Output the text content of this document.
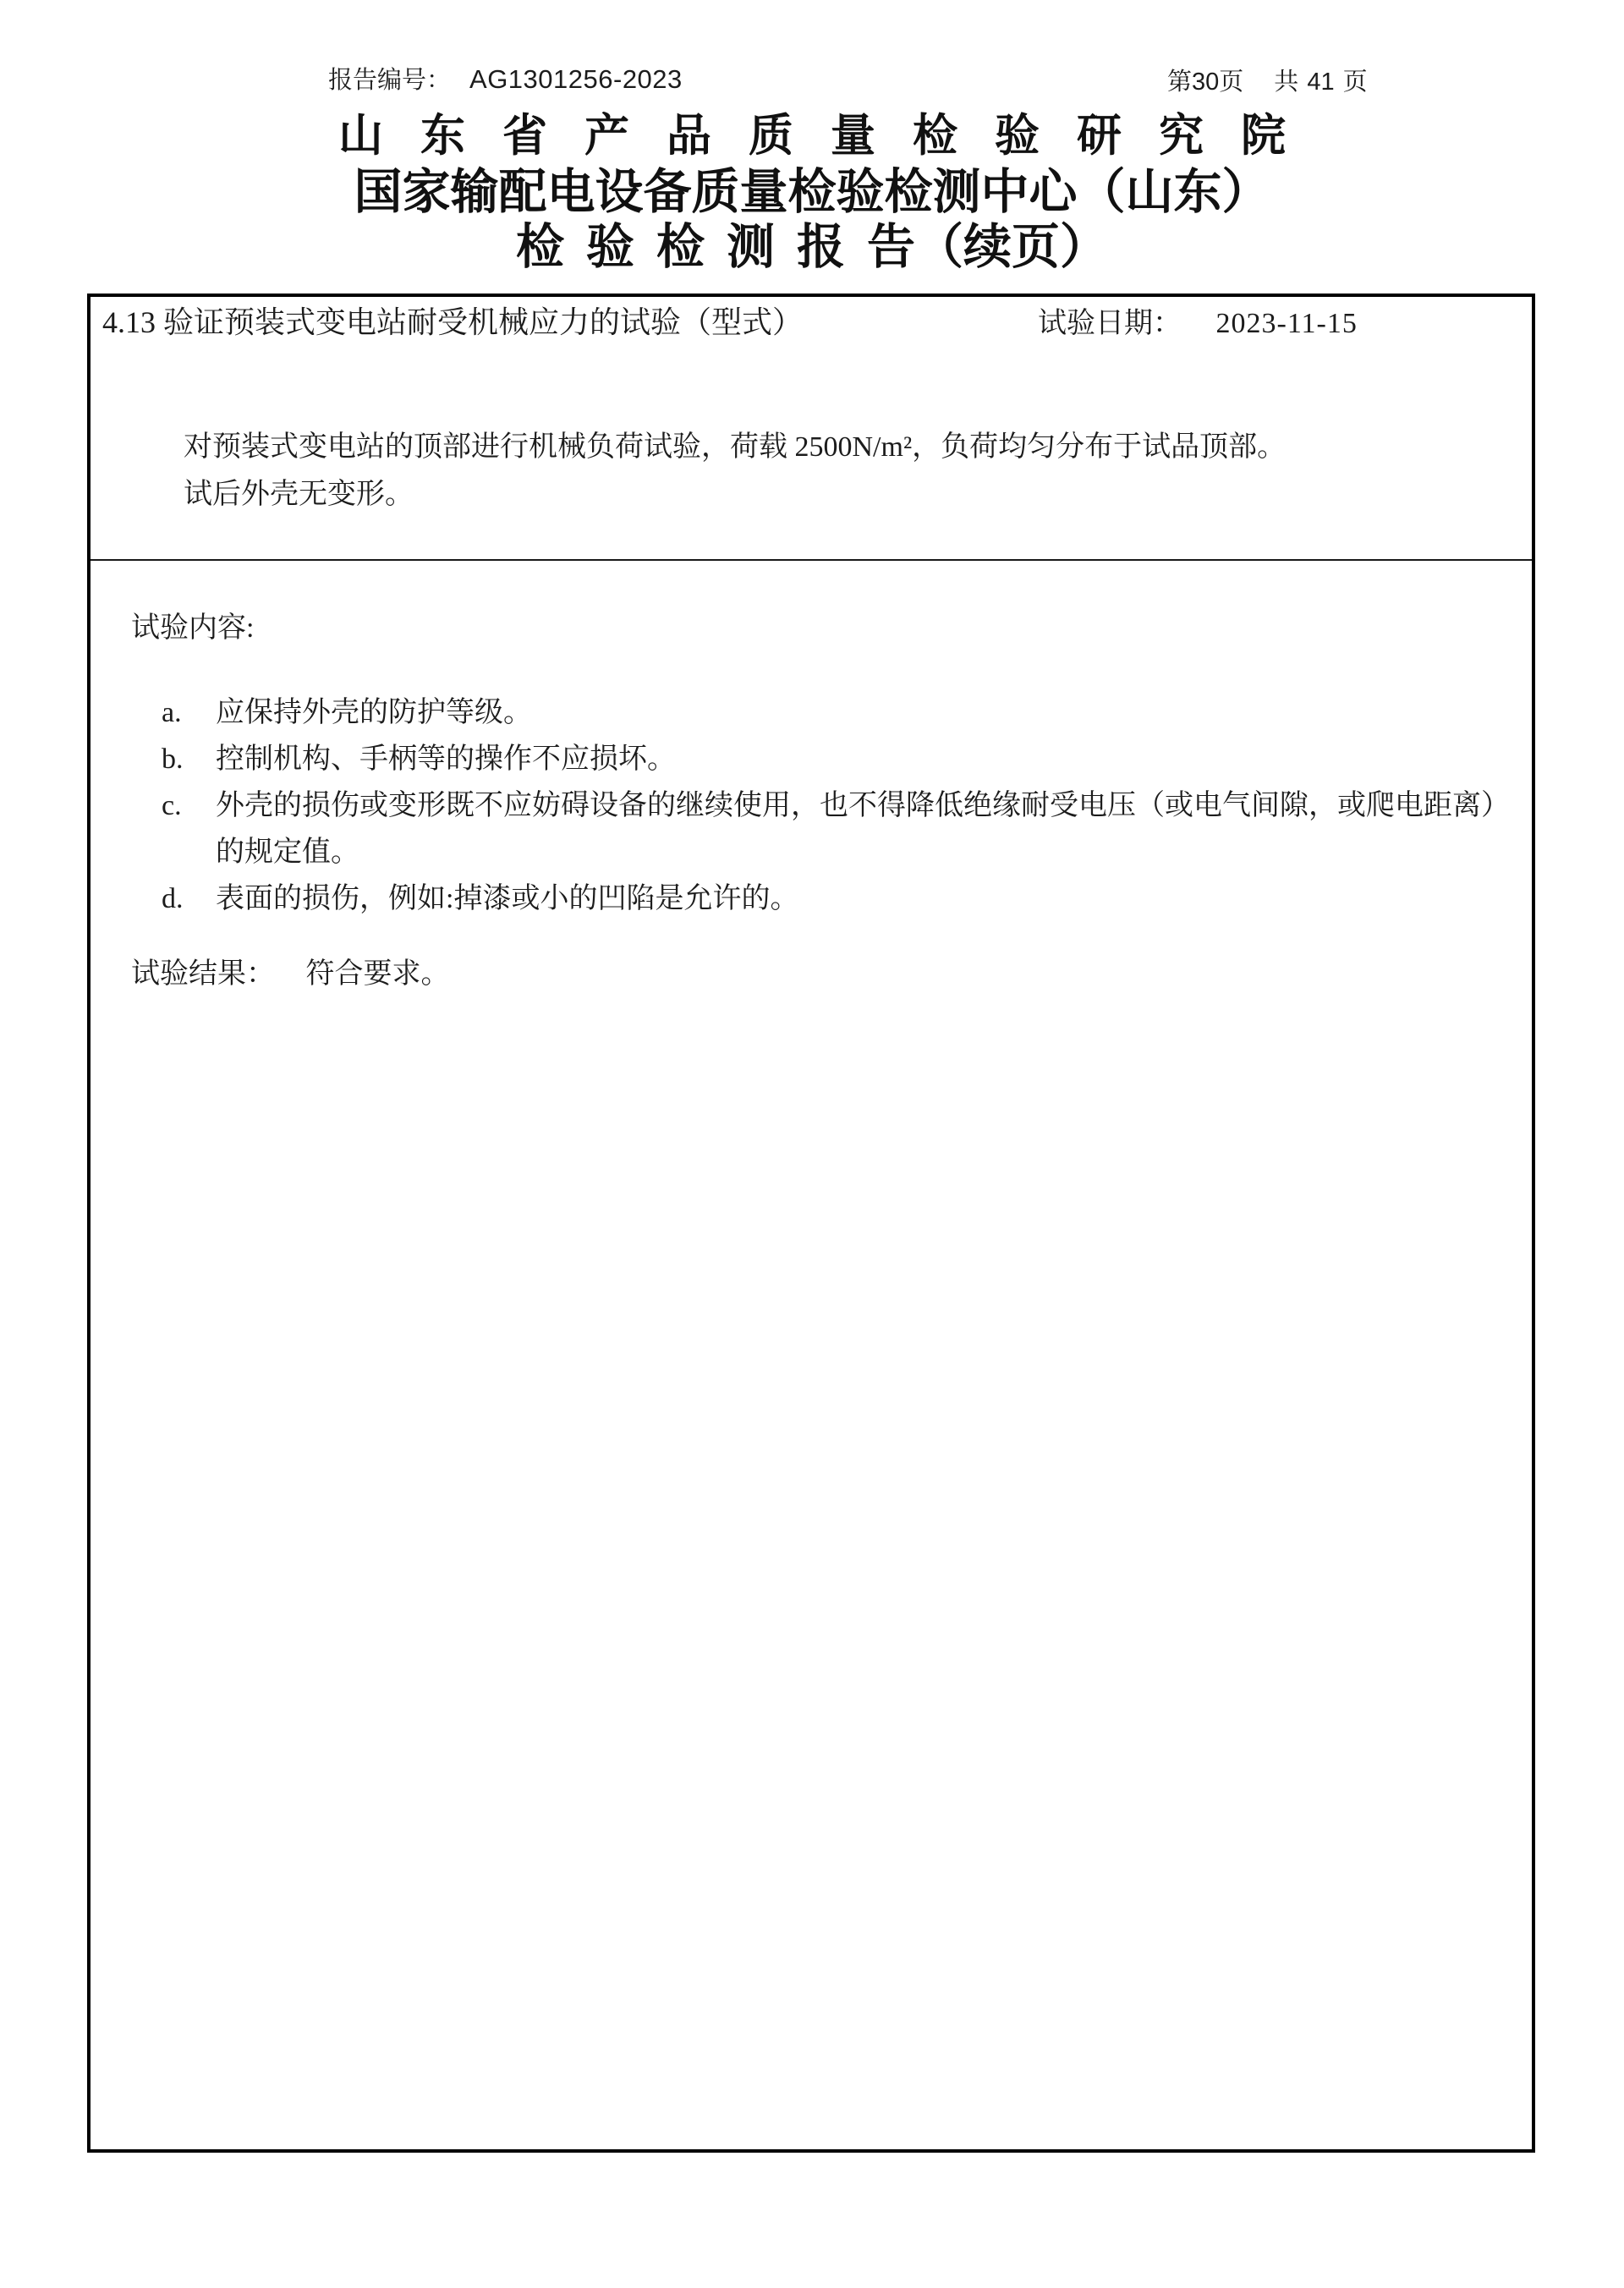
报告编号： AG1301256-2023	第30页 共 41 页
山东省产品质量检验研究院
国家输配电设备质量检验检测中心（山东）
检验检测报告（续页）
4.13 验证预装式变电站耐受机械应力的试验（型式）	试验日期： 2023-11-15
对预装式变电站的顶部进行机械负荷试验，荷载 2500N/m²，负荷均匀分布于试品顶部。
试后外壳无变形。
试验内容:
a.	应保持外壳的防护等级。
b.	控制机构、手柄等的操作不应损坏。
c.	外壳的损伤或变形既不应妨碍设备的继续使用，也不得降低绝缘耐受电压（或电气间隙，或爬电距离）的规定值。
d.	表面的损伤，例如:掉漆或小的凹陷是允许的。
试验结果： 符合要求。
